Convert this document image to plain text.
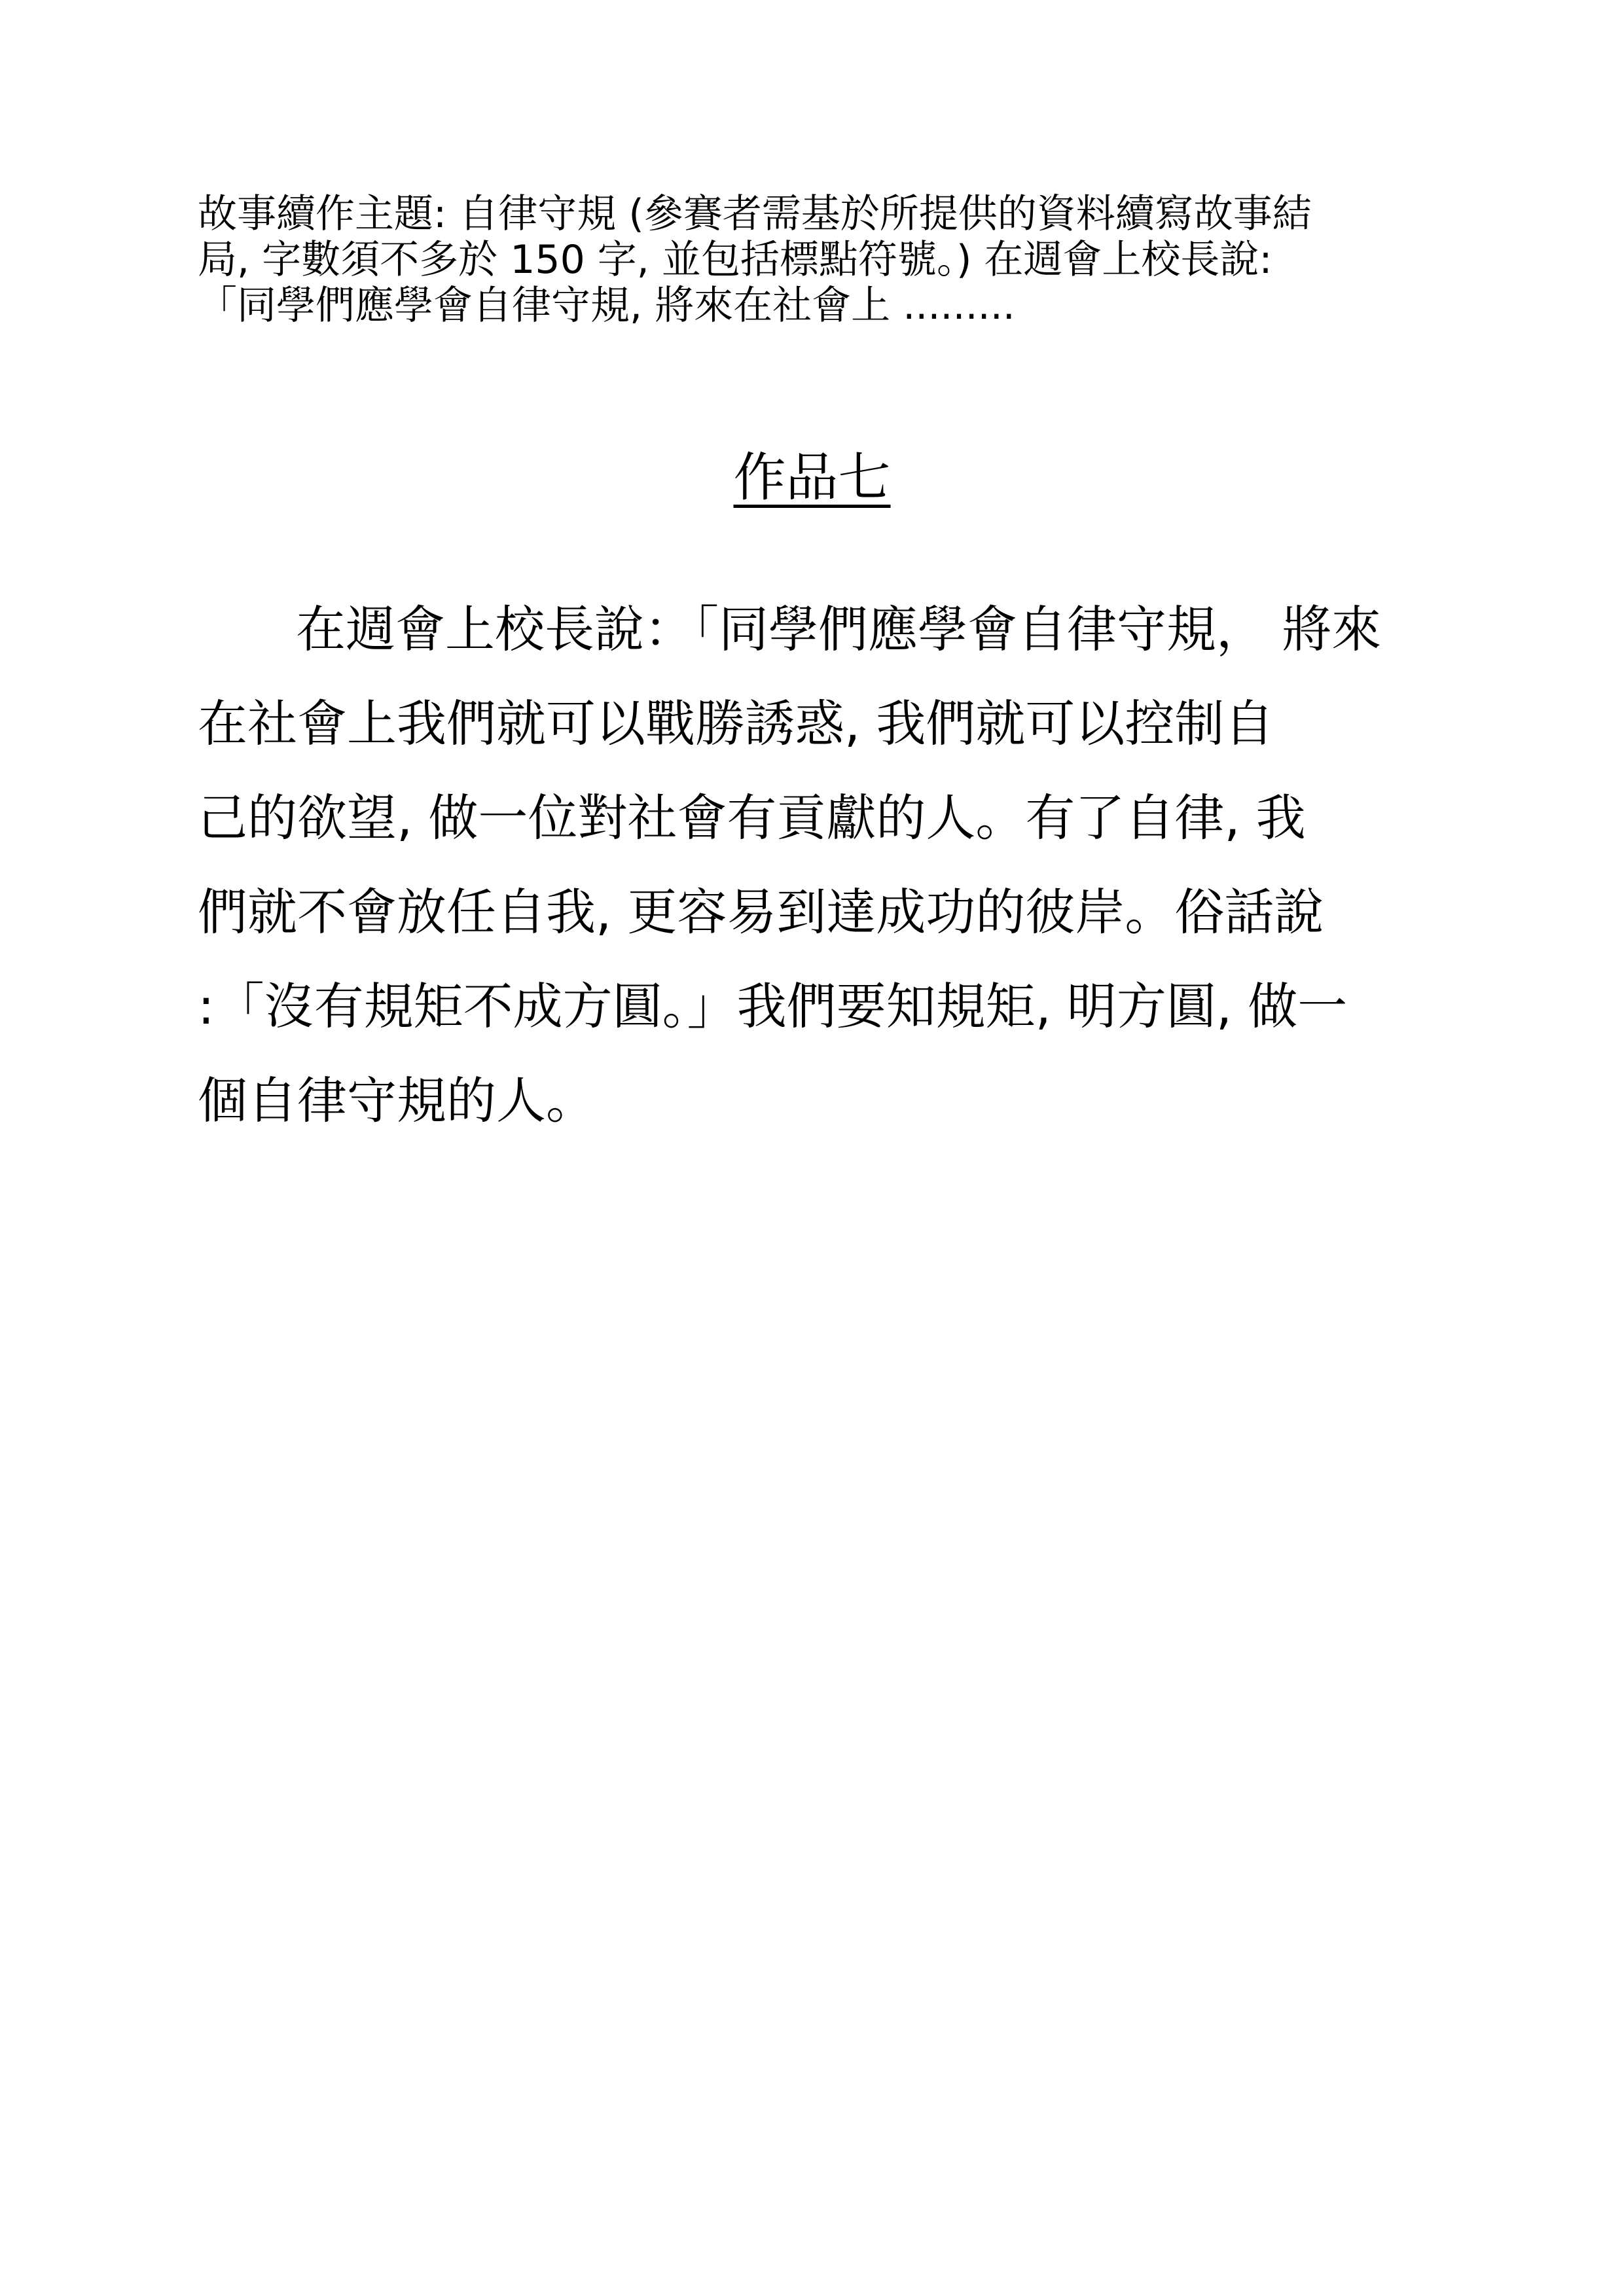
故事續作主題: 自律守規 (參賽者需基於所提供的資料續寫故事結
局, 字數須不多於 150 字, 並包括標點符號。) 在週會上校長說:
「同學們應學會自律守規, 將來在社會上 .........
作品七
在週會上校長說：「同學們應學會自律守規， 將來
在社會上我們就可以戰勝誘惑, 我們就可以控制自
己的欲望, 做一位對社會有貢獻的人。有了自律, 我
們就不會放任自我, 更容易到達成功的彼岸。俗話說
:「沒有規矩不成方圓。」我們要知規矩, 明方圓, 做一
個自律守規的人。
